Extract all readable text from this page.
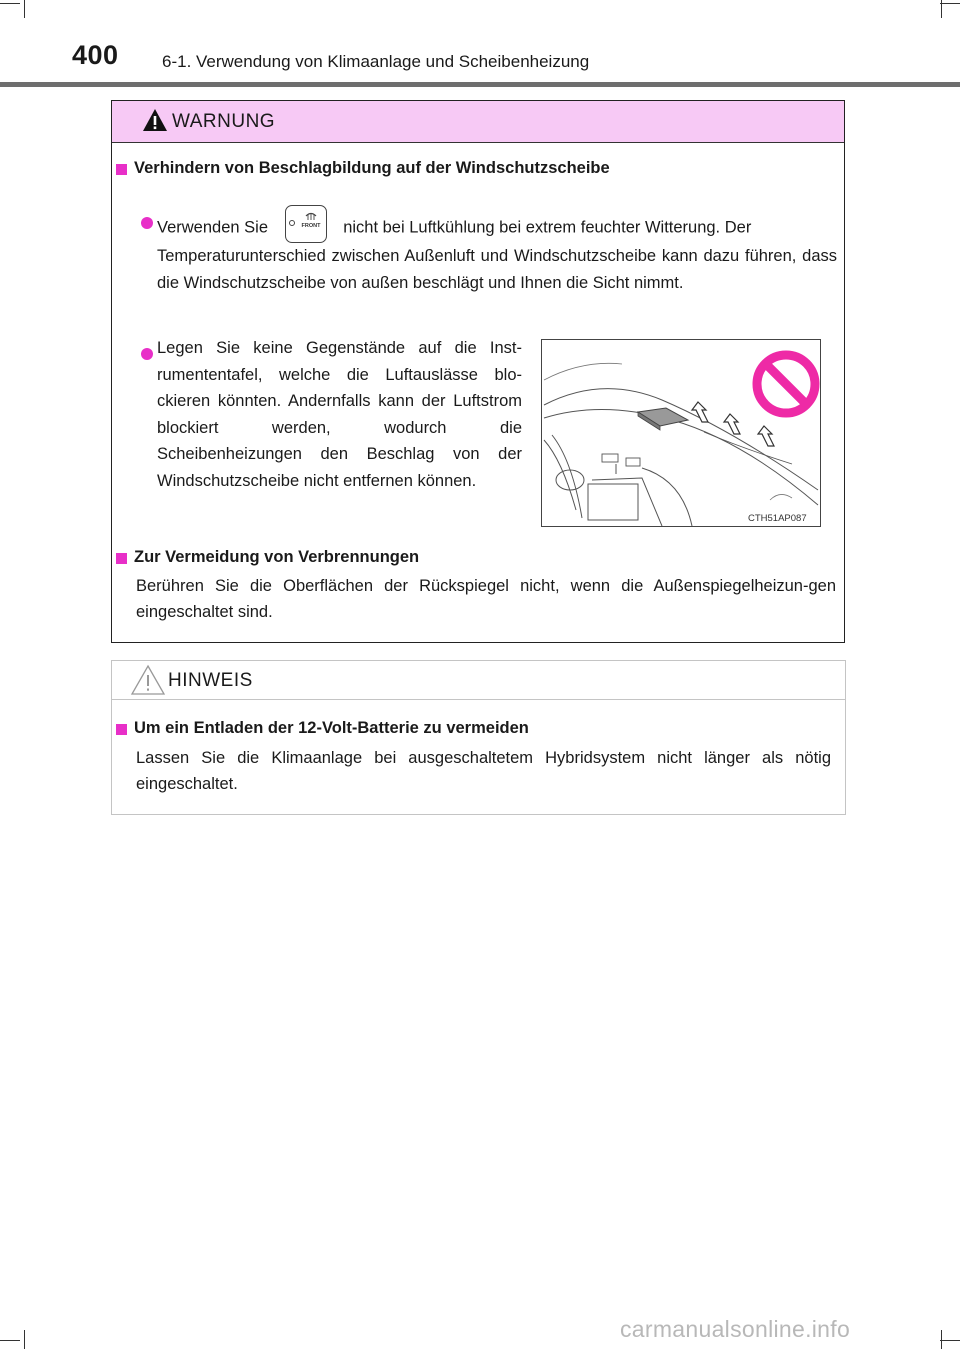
400	6-1. Verwendung von Klimaanlage und Scheibenheizung
WARNUNG
Verhindern von Beschlagbildung auf der Windschutzscheibe
Verwenden Sie	FRONT nicht bei Luftkühlung bei extrem feuchter Witterung. Der
Temperaturunterschied zwischen Außenluft und Windschutzscheibe kann dazu führen, dass die Windschutzscheibe von außen beschlägt und Ihnen die Sicht nimmt.
Legen Sie keine Gegenstände auf die Inst-rumententafel, welche die Luftauslässe blo-ckieren könnten. Andernfalls kann der Luftstrom blockiert werden, wodurch die Scheibenheizungen den Beschlag von der Windschutzscheibe nicht entfernen können.
CTH51AP087
Zur Vermeidung von Verbrennungen
Berühren Sie die Oberflächen der Rückspiegel nicht, wenn die Außenspiegelheizun-gen eingeschaltet sind.
HINWEIS
Um ein Entladen der 12-Volt-Batterie zu vermeiden
Lassen Sie die Klimaanlage bei ausgeschaltetem Hybridsystem nicht länger als nötig eingeschaltet.
carmanualsonline.info
